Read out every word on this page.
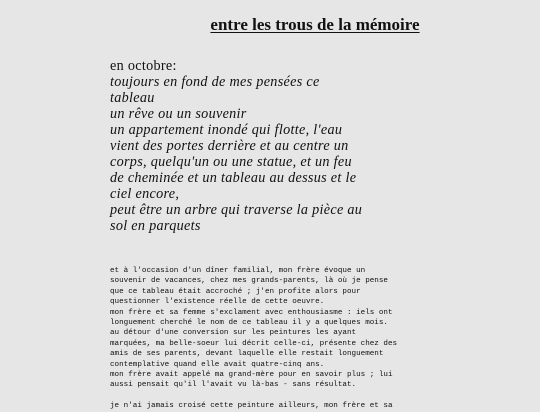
entre les trous de la mémoire
en octobre:
toujours en fond de mes pensées ce
tableau
un rêve ou un souvenir
un appartement inondé qui flotte, l'eau
vient des portes derrière et au centre un
corps, quelqu'un ou une statue, et un feu
de cheminée et un tableau au dessus et le
ciel encore,
peut être un arbre qui traverse la pièce au
sol en parquets
et à l'occasion d'un dîner familial, mon frère évoque un
souvenir de vacances, chez mes grands-parents, là où je pense
que ce tableau était accroché ; j'en profite alors pour
questionner l'existence réelle de cette oeuvre.
mon frère et sa femme s'exclament avec enthousiasme : iels ont
longuement cherché le nom de ce tableau il y a quelques mois.
au détour d'une conversion sur les peintures les ayant
marquées, ma belle-soeur lui décrit celle-ci, présente chez des
amis de ses parents, devant laquelle elle restait longuement
contemplative quand elle avait quatre-cinq ans.
mon frère avait appelé ma grand-mère pour en savoir plus ; lui
aussi pensait qu'il l'avait vu là-bas - sans résultat.
je n'ai jamais croisé cette peinture ailleurs, mon frère et sa
